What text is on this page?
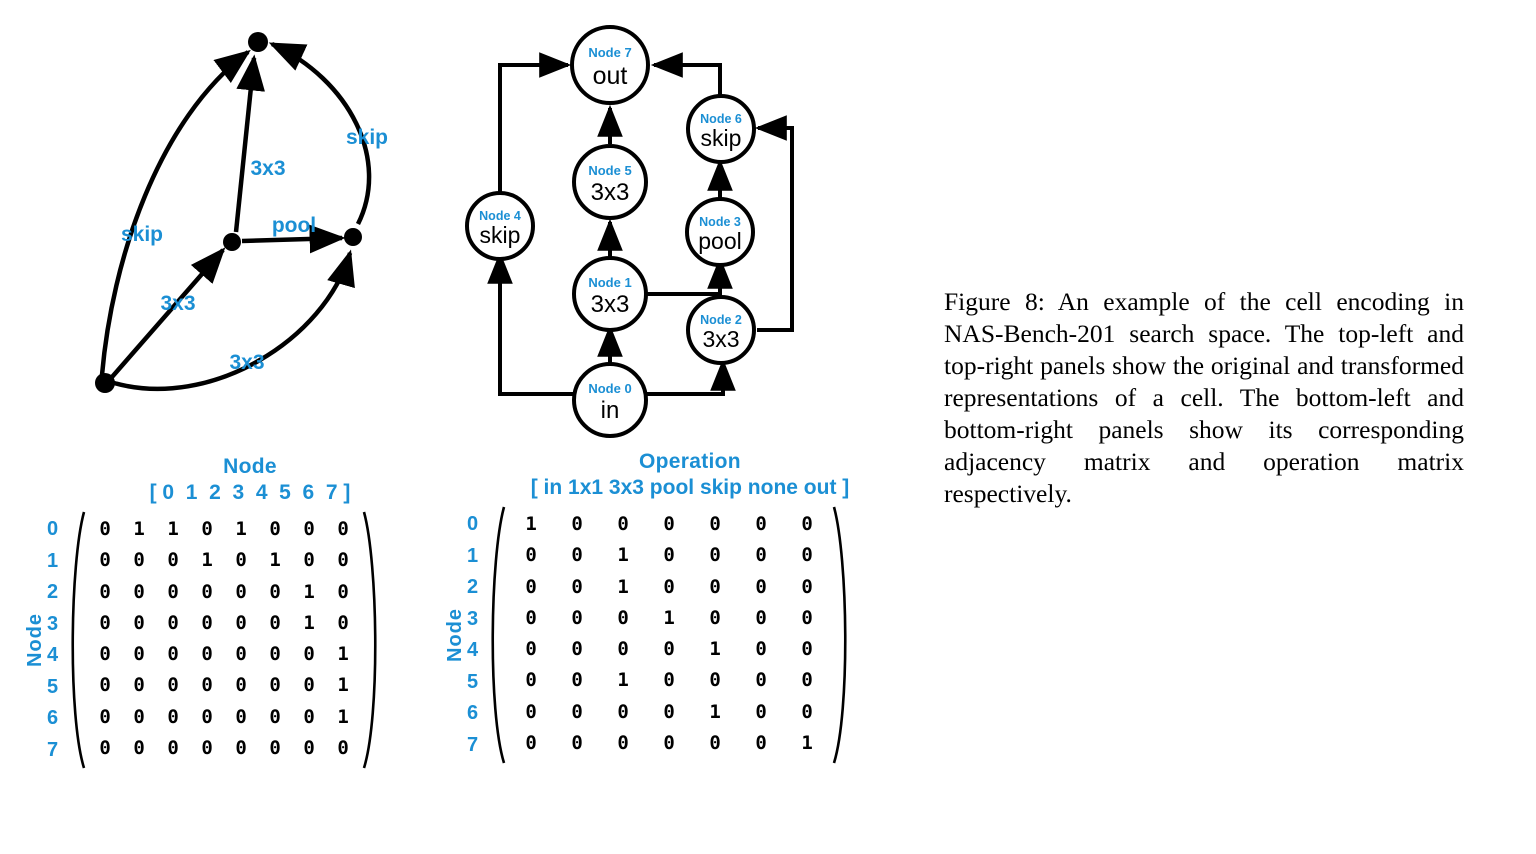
skip
3x3
3x3
pool
3x3
skip
Node 0
in
Node 1
3x3
Node 2
3x3
Node 3
pool
Node 4
skip
Node 5
3x3
Node 6
skip
Node 7
out
Node
[ 0  1  2  3  4  5  6  7 ]
Node
0
1
2
3
4
5
6
7
0	1	1	0	1	0	0	0
0	0	0	1	0	1	0	0
0	0	0	0	0	0	1	0
0	0	0	0	0	0	1	0
0	0	0	0	0	0	0	1
0	0	0	0	0	0	0	1
0	0	0	0	0	0	0	1
0	0	0	0	0	0	0	0
Operation
[ in 1x1 3x3 pool skip none out ]
Node
0
1
2
3
4
5
6
7
1	0	0	0	0	0	0
0	0	1	0	0	0	0
0	0	1	0	0	0	0
0	0	0	1	0	0	0
0	0	0	0	1	0	0
0	0	1	0	0	0	0
0	0	0	0	1	0	0
0	0	0	0	0	0	1

Figure 8: An example of the cell encoding in NAS-Bench-201 search space. The top-left and top-right panels show the original and transformed representations of a cell. The bottom-left and bottom-right panels show its corresponding adjacency matrix and operation matrix respectively.
